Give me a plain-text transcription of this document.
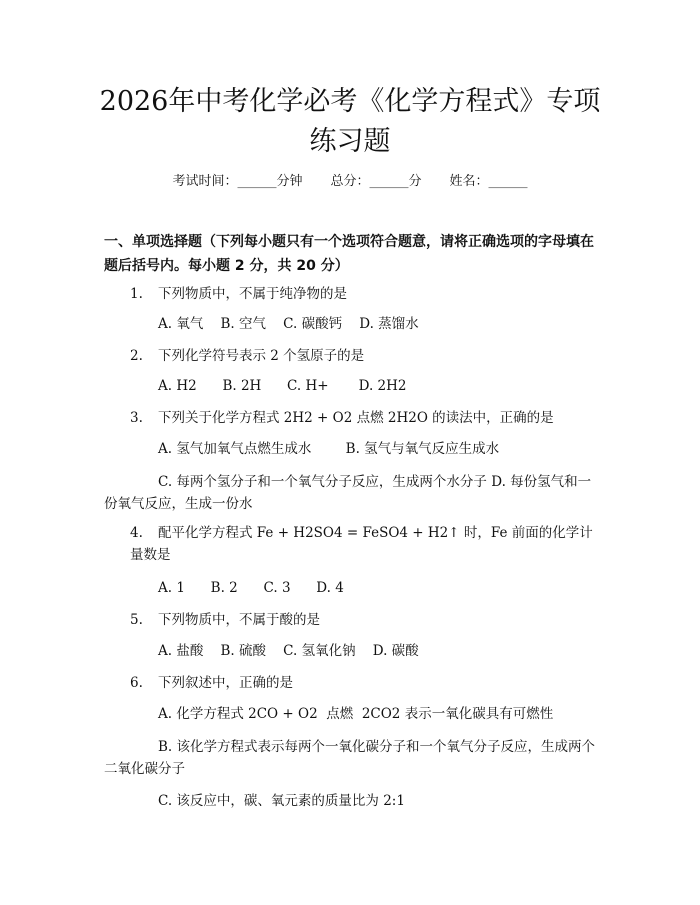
2026年中考化学必考《化学方程式》专项练习题
考试时间：______分钟 总分：______分 姓名：______
一、单项选择题（下列每小题只有一个选项符合题意，请将正确选项的字母填在题后括号内。每小题 2 分，共 20 分）
1. 下列物质中，不属于纯净物的是
A. 氧气    B. 空气    C. 碳酸钙    D. 蒸馏水
2. 下列化学符号表示 2 个氢原子的是
A. H2      B. 2H      C. H+       D. 2H2
3. 下列关于化学方程式 2H2 + O2 点燃 2H2O 的读法中，正确的是
A. 氢气加氧气点燃生成水        B. 氢气与氧气反应生成水
C. 每两个氢分子和一个氧气分子反应，生成两个水分子 D. 每份氢气和一份氧气反应，生成一份水
4. 配平化学方程式 Fe + H2SO4 = FeSO4 + H2↑ 时，Fe 前面的化学计量数是
A. 1      B. 2      C. 3      D. 4
5. 下列物质中，不属于酸的是
A. 盐酸    B. 硫酸    C. 氢氧化钠    D. 碳酸
6. 下列叙述中，正确的是
A. 化学方程式 2CO + O2  点燃  2CO2 表示一氧化碳具有可燃性
B. 该化学方程式表示每两个一氧化碳分子和一个氧气分子反应，生成两个二氧化碳分子
C. 该反应中，碳、氧元素的质量比为 2:1
